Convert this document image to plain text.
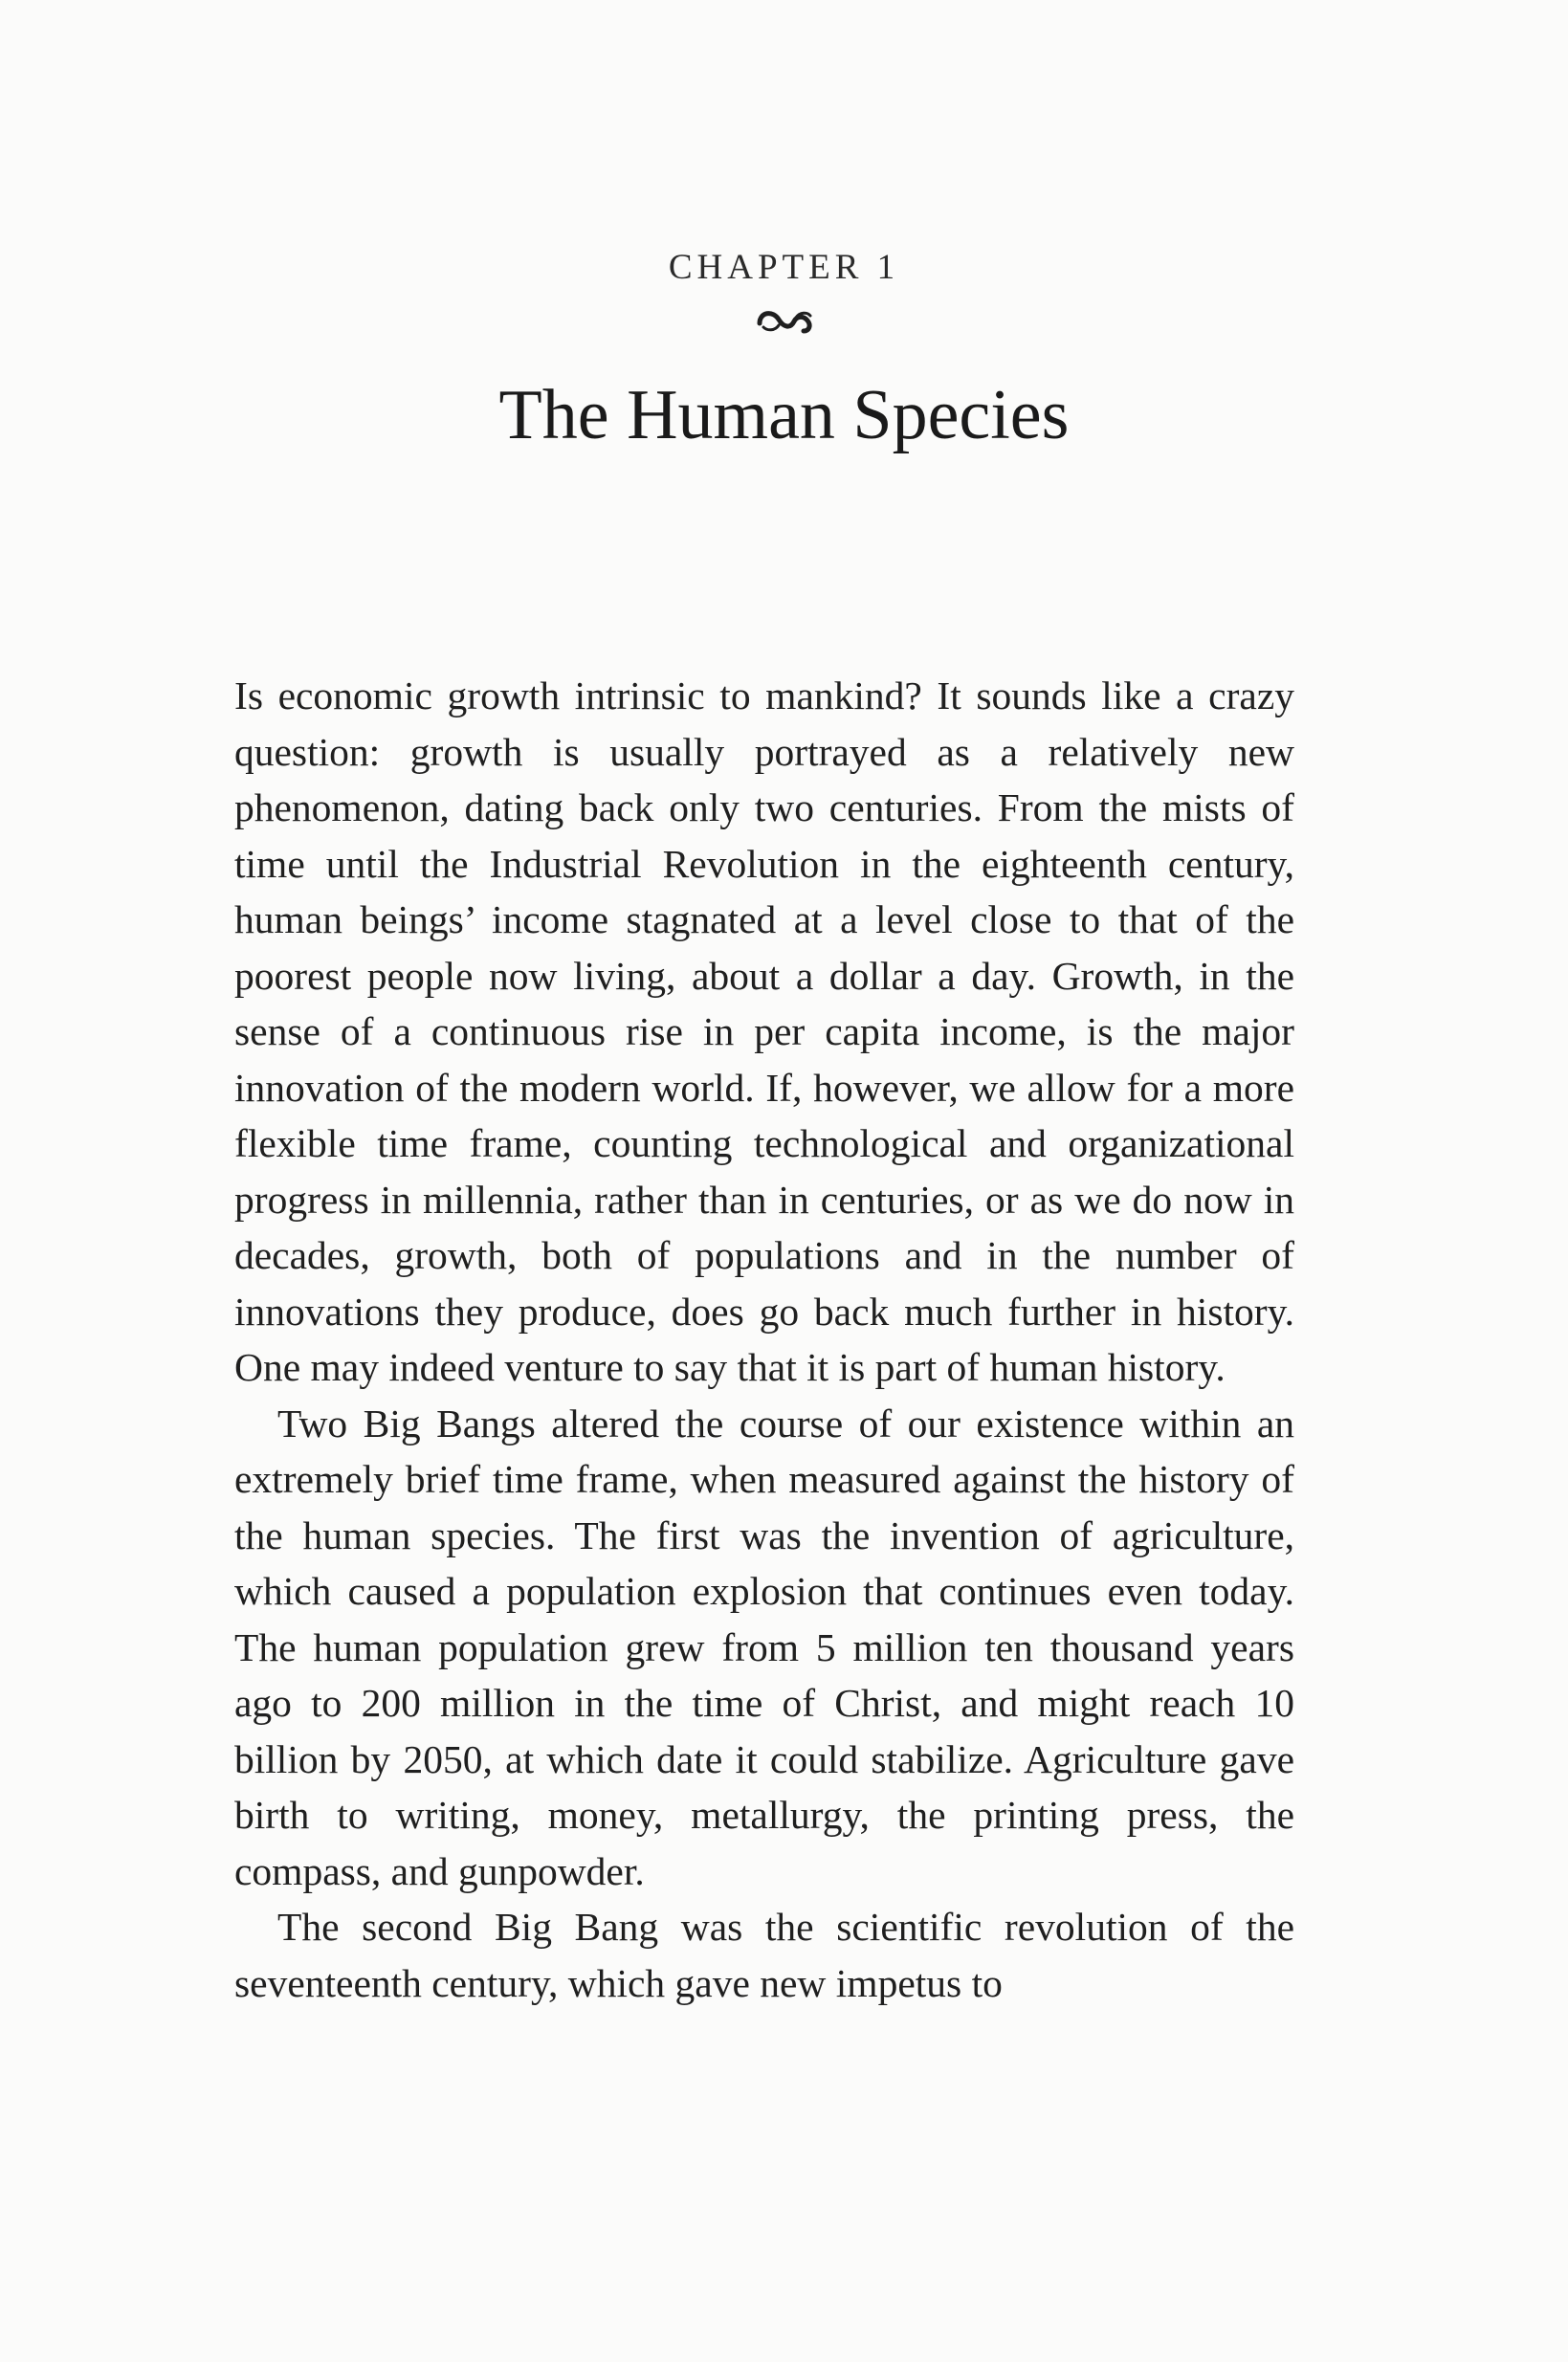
CHAPTER 1
The Human Species

Is economic growth intrinsic to mankind? It sounds like a crazy question: growth is usually portrayed as a relatively new phenomenon, dating back only two centuries. From the mists of time until the Industrial Revolution in the eighteenth century, human beings’ income stagnated at a level close to that of the poorest people now living, about a dollar a day. Growth, in the sense of a continuous rise in per capita income, is the major innovation of the modern world. If, however, we allow for a more flexible time frame, counting technological and organizational progress in millennia, rather than in centuries, or as we do now in decades, growth, both of populations and in the number of innovations they produce, does go back much further in history. One may indeed venture to say that it is part of human history.

Two Big Bangs altered the course of our existence within an extremely brief time frame, when measured against the history of the human species. The first was the invention of agriculture, which caused a population explosion that continues even today. The human population grew from 5 million ten thousand years ago to 200 million in the time of Christ, and might reach 10 billion by 2050, at which date it could stabilize. Agriculture gave birth to writing, money, metallurgy, the printing press, the compass, and gunpowder.

The second Big Bang was the scientific revolution of the seventeenth century, which gave new impetus to
